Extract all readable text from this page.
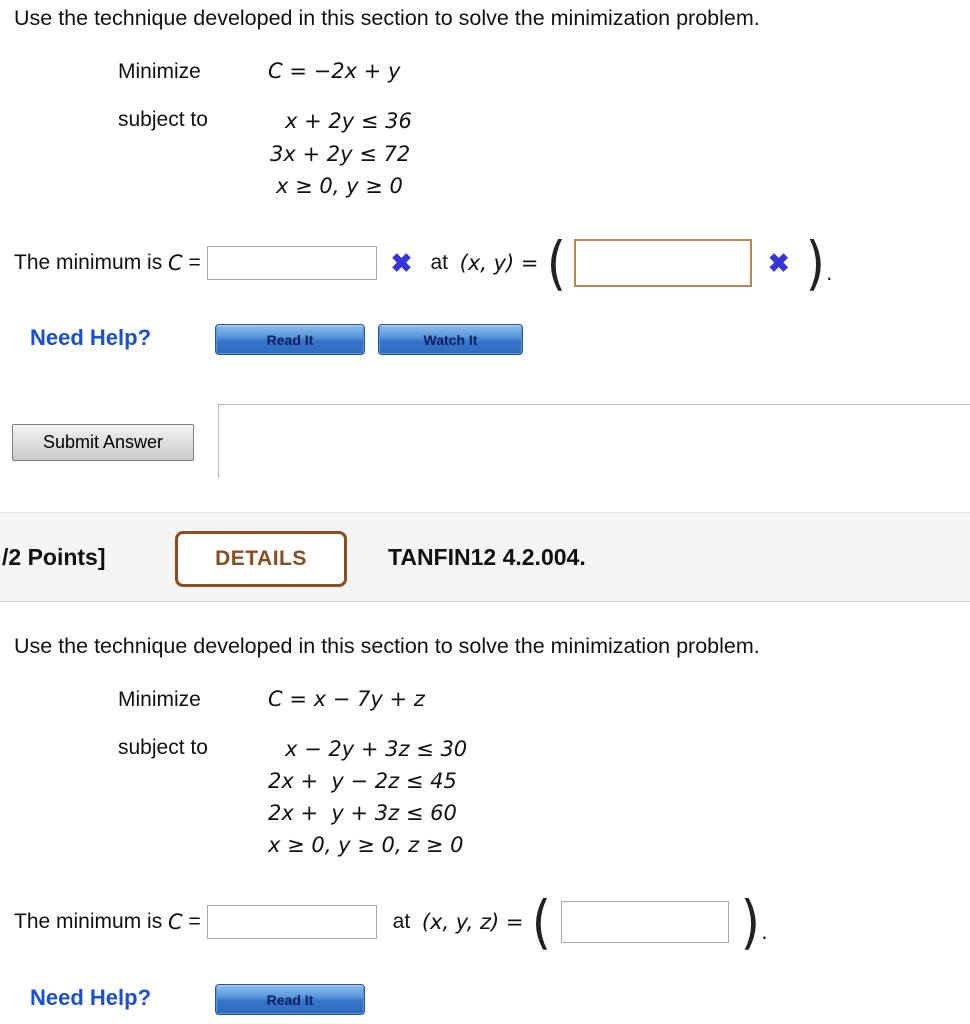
Use the technique developed in this section to solve the minimization problem.
Minimize	C = −2x + y
subject to	x + 2y ≤ 36
3x + 2y ≤ 72
x ≥ 0, y ≥ 0
The minimum is C =	✖ at (x, y) = (	✖ ) .
Need Help?	Read It	Watch It
Submit Answer
/2 Points]	DETAILS	TANFIN12 4.2.004.
Use the technique developed in this section to solve the minimization problem.
Minimize	C = x − 7y + z
subject to	x − 2y + 3z ≤ 30
2x +  y − 2z ≤ 45
2x +  y + 3z ≤ 60
x ≥ 0, y ≥ 0, z ≥ 0
The minimum is C =	at (x, y, z) = (	) .
Need Help?	Read It
